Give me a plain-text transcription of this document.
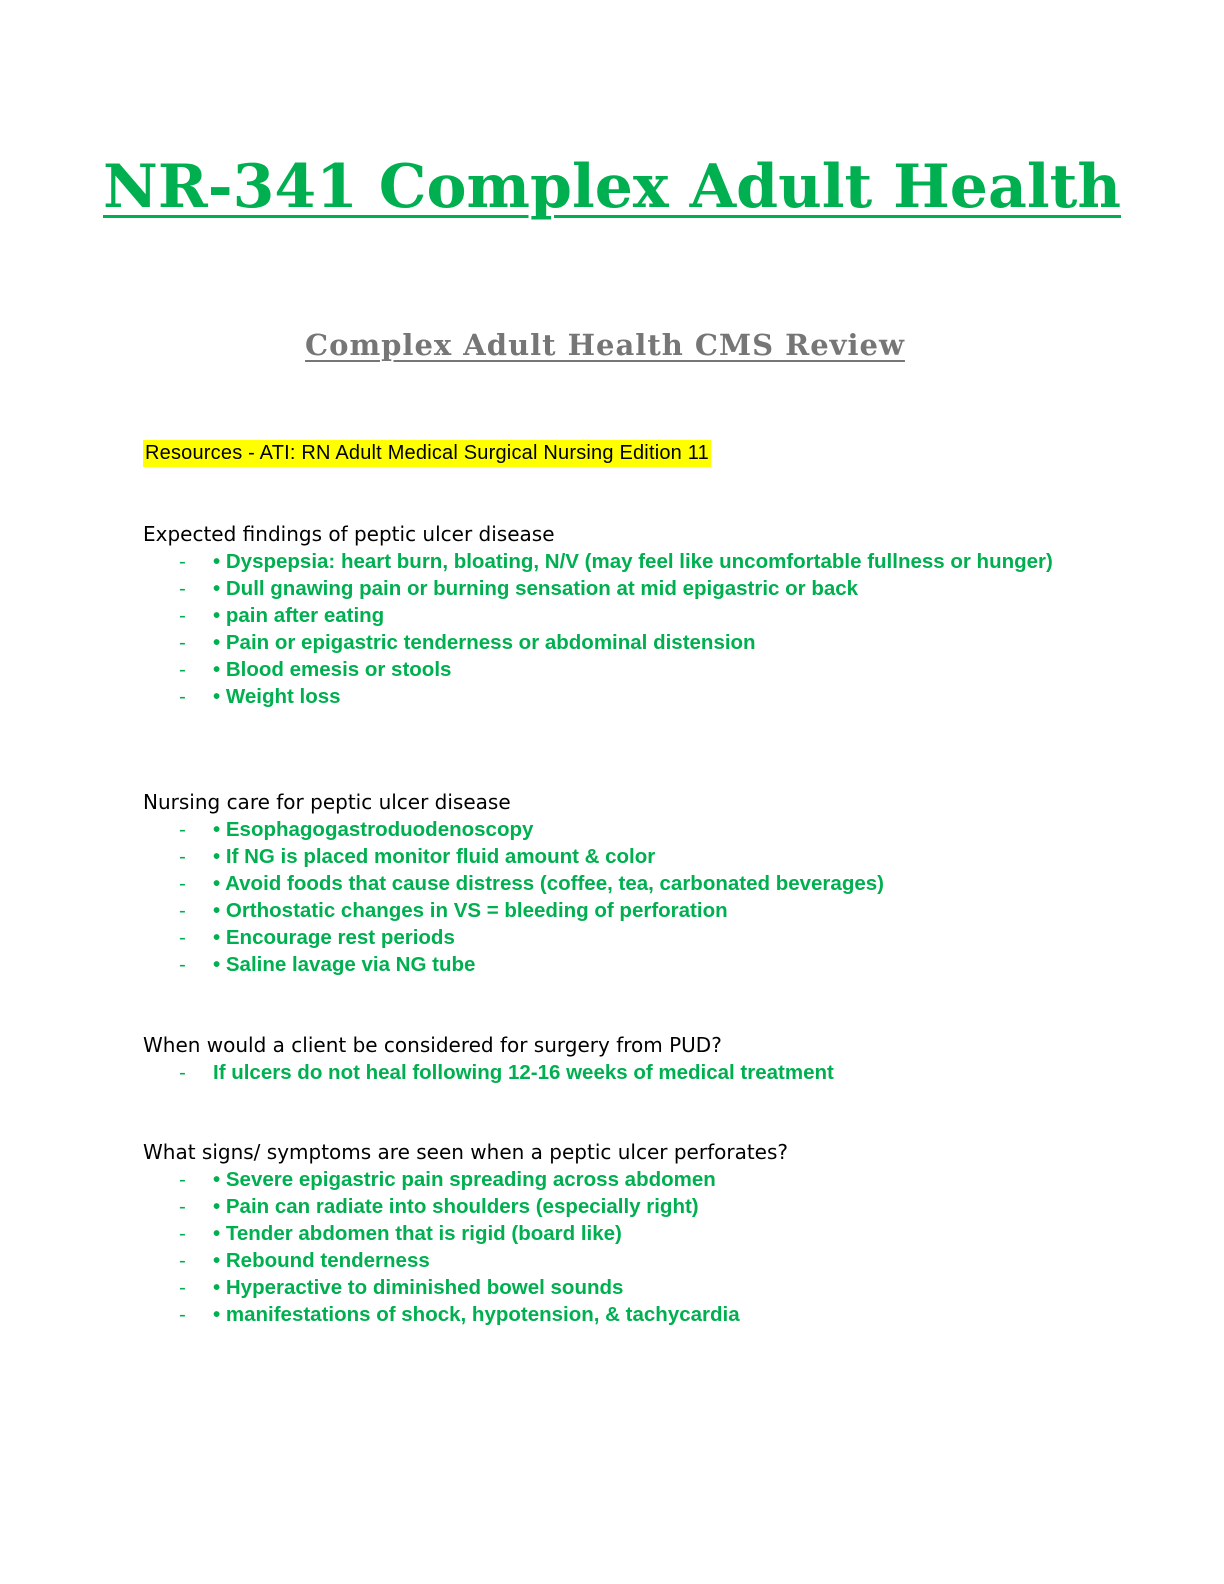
NR-341 Complex Adult Health
Complex Adult Health CMS Review
Resources - ATI: RN Adult Medical Surgical Nursing Edition 11

Expected findings of peptic ulcer disease

- • Dyspepsia: heart burn, bloating, N/V (may feel like uncomfortable fullness or hunger)
- • Dull gnawing pain or burning sensation at mid epigastric or back
- • pain after eating
- • Pain or epigastric tenderness or abdominal distension
- • Blood emesis or stools
- • Weight loss

Nursing care for peptic ulcer disease

- • Esophagogastroduodenoscopy
- • If NG is placed monitor fluid amount & color
- • Avoid foods that cause distress (coffee, tea, carbonated beverages)
- • Orthostatic changes in VS = bleeding of perforation
- • Encourage rest periods
- • Saline lavage via NG tube

When would a client be considered for surgery from PUD?

- If ulcers do not heal following 12-16 weeks of medical treatment

What signs/ symptoms are seen when a peptic ulcer perforates?

- • Severe epigastric pain spreading across abdomen
- • Pain can radiate into shoulders (especially right)
- • Tender abdomen that is rigid (board like)
- • Rebound tenderness
- • Hyperactive to diminished bowel sounds
- • manifestations of shock, hypotension, & tachycardia
